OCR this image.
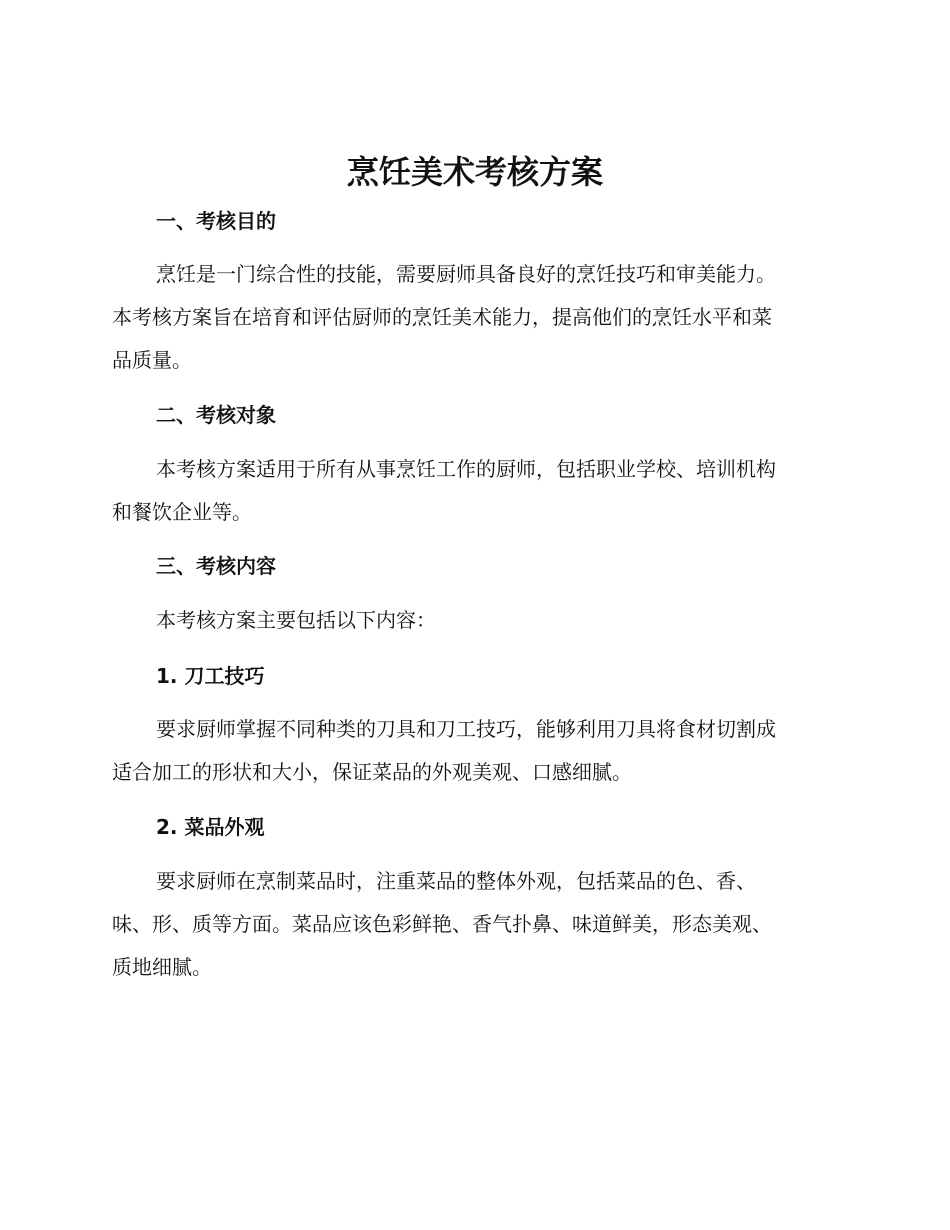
烹饪美术考核方案
一、考核目的

烹饪是一门综合性的技能，需要厨师具备良好的烹饪技巧和审美能力。
本考核方案旨在培育和评估厨师的烹饪美术能力，提高他们的烹饪水平和菜
品质量。

二、考核对象

本考核方案适用于所有从事烹饪工作的厨师，包括职业学校、培训机构
和餐饮企业等。

三、考核内容

本考核方案主要包括以下内容：

1. 刀工技巧

要求厨师掌握不同种类的刀具和刀工技巧，能够利用刀具将食材切割成
适合加工的形状和大小，保证菜品的外观美观、口感细腻。

2. 菜品外观

要求厨师在烹制菜品时，注重菜品的整体外观，包括菜品的色、香、
味、形、质等方面。菜品应该色彩鲜艳、香气扑鼻、味道鲜美，形态美观、
质地细腻。
